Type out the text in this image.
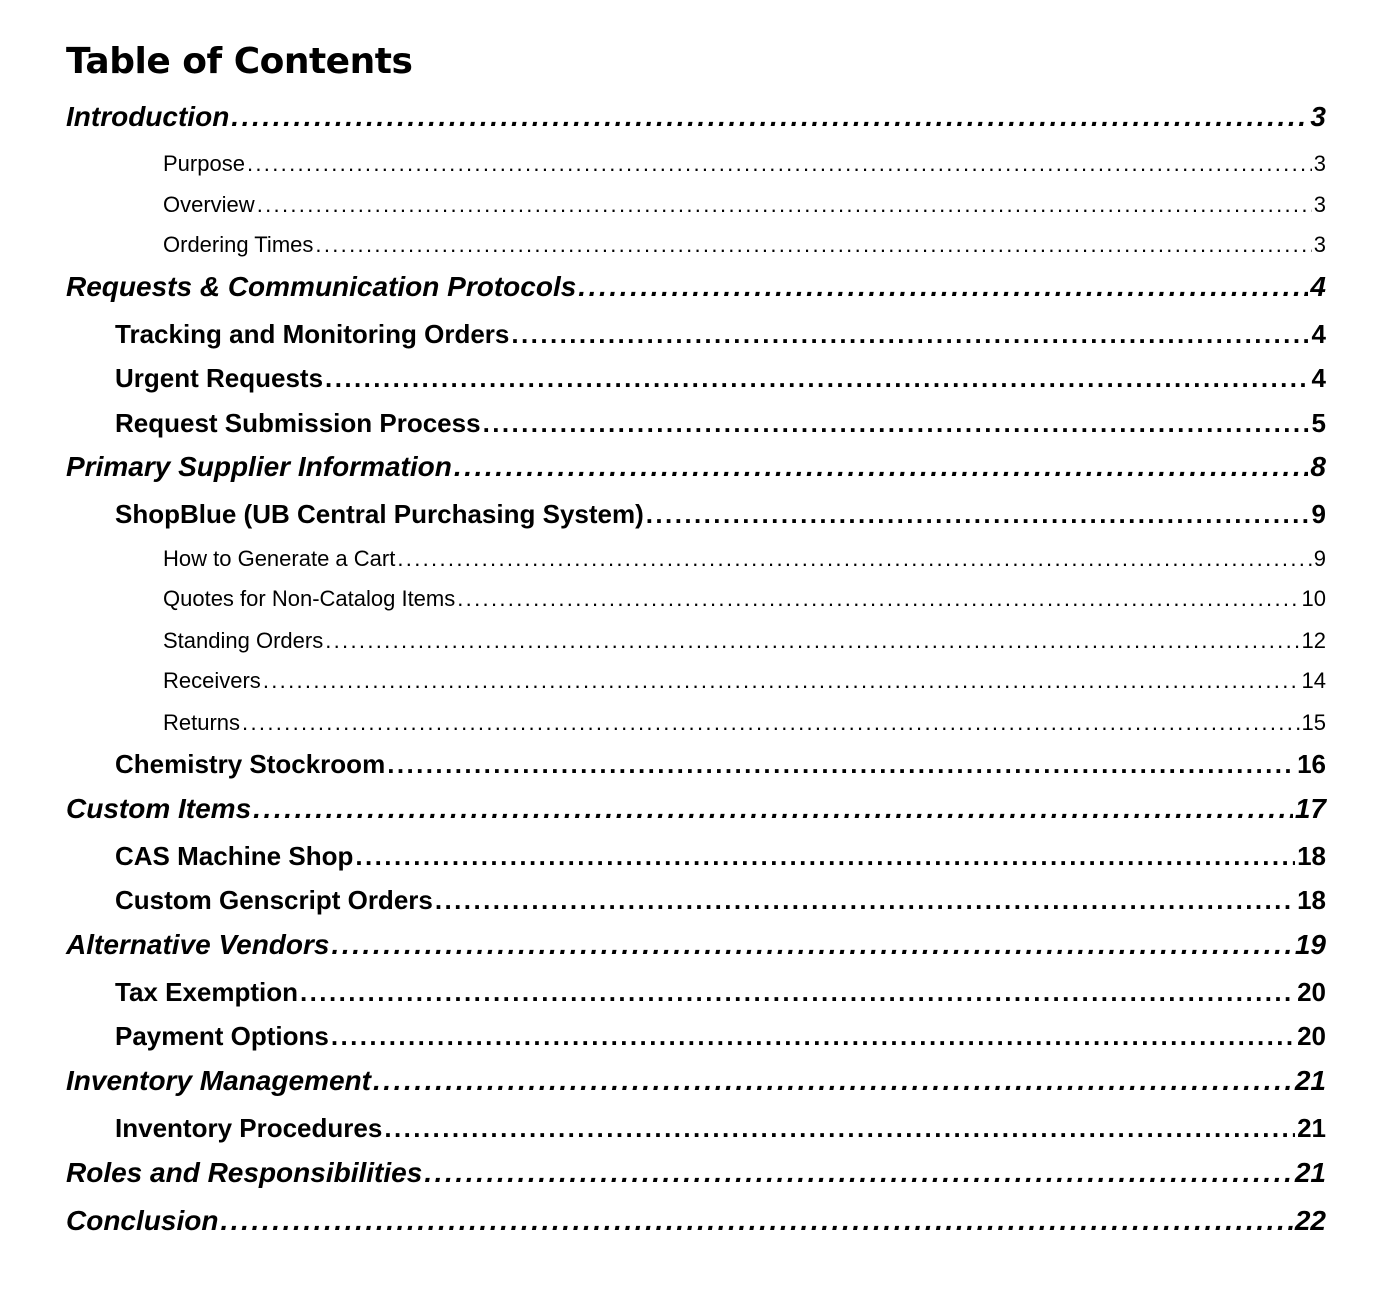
Table of Contents
Introduction . . .	3
Purpose . . .	3
Overview . . .	3
Ordering Times . . .	3
Requests & Communication Protocols . . .	4
Tracking and Monitoring Orders . . .	4
Urgent Requests . . .	4
Request Submission Process . . .	5
Primary Supplier Information . . .	8
ShopBlue (UB Central Purchasing System) . . .	9
How to Generate a Cart . . .	9
Quotes for Non-Catalog Items . . .	10
Standing Orders . . .	12
Receivers . . .	14
Returns . . .	15
Chemistry Stockroom . . .	16
Custom Items . . .	17
CAS Machine Shop . . .	18
Custom Genscript Orders . . .	18
Alternative Vendors . . .	19
Tax Exemption . . .	20
Payment Options . . .	20
Inventory Management . . .	21
Inventory Procedures . . .	21
Roles and Responsibilities . . .	21
Conclusion . . .	22
